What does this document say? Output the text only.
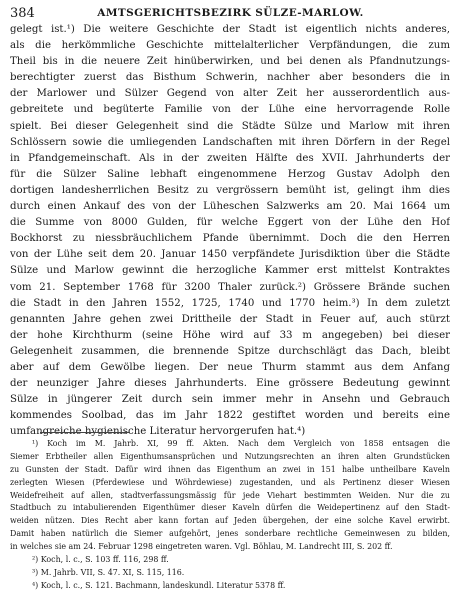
384	AMTSGERICHTSBEZIRK SÜLZE-MARLOW.
gelegt ist.¹) Die weitere Geschichte der Stadt ist eigentlich nichts anderes,
als die herkömmliche Geschichte mittelalterlicher Verpfändungen, die zum
Theil bis in die neuere Zeit hinüberwirken, und bei denen als Pfandnutzungs-
berechtigter zuerst das Bisthum Schwerin, nachher aber besonders die in
der Marlower und Sülzer Gegend von alter Zeit her ausserordentlich aus-
gebreitete und begüterte Familie von der Lühe eine hervorragende Rolle
spielt. Bei dieser Gelegenheit sind die Städte Sülze und Marlow mit ihren
Schlössern sowie die umliegenden Landschaften mit ihren Dörfern in der Regel
in Pfandgemeinschaft. Als in der zweiten Hälfte des XVII. Jahrhunderts der
für die Sülzer Saline lebhaft eingenommene Herzog Gustav Adolph den
dortigen landesherrlichen Besitz zu vergrössern bemüht ist, gelingt ihm dies
durch einen Ankauf des von der Lüheschen Salzwerks am 20. Mai 1664 um
die Summe von 8000 Gulden, für welche Eggert von der Lühe den Hof
Bockhorst zu niessbräuchlichem Pfande übernimmt. Doch die den Herren
von der Lühe seit dem 20. Januar 1450 verpfändete Jurisdiktion über die Städte
Sülze und Marlow gewinnt die herzogliche Kammer erst mittelst Kontraktes
vom 21. September 1768 für 3200 Thaler zurück.²) Grössere Brände suchen
die Stadt in den Jahren 1552, 1725, 1740 und 1770 heim.³) In dem zuletzt
genannten Jahre gehen zwei Drittheile der Stadt in Feuer auf, auch stürzt
der hohe Kirchthurm (seine Höhe wird auf 33 m angegeben) bei dieser
Gelegenheit zusammen, die brennende Spitze durchschlägt das Dach, bleibt
aber auf dem Gewölbe liegen. Der neue Thurm stammt aus dem Anfang
der neunziger Jahre dieses Jahrhunderts. Eine grössere Bedeutung gewinnt
Sülze in jüngerer Zeit durch sein immer mehr in Ansehn und Gebrauch
kommendes Soolbad, das im Jahr 1822 gestiftet worden und bereits eine
umfangreiche hygienische Literatur hervorgerufen hat.⁴)
¹) Koch im M. Jahrb. XI, 99 ff. Akten. Nach dem Vergleich von 1858 entsagen die
Siemer Erbtheiler allen Eigenthumsansprüchen und Nutzungsrechten an ihren alten Grundstücken
zu Gunsten der Stadt. Dafür wird ihnen das Eigenthum an zwei in 151 halbe untheilbare Kaveln
zerlegten Wiesen (Pferdewiese und Wöhrdewiese) zugestanden, und als Pertinenz dieser Wiesen
Weidefreiheit auf allen, stadtverfassungsmässig für jede Viehart bestimmten Weiden. Nur die zu
Stadtbuch zu intabulierenden Eigenthümer dieser Kaveln dürfen die Weidepertinenz auf den Stadt-
weiden nützen. Dies Recht aber kann fortan auf Jeden übergehen, der eine solche Kavel erwirbt.
Damit haben natürlich die Siemer aufgehört, jenes sonderbare rechtliche Gemeinwesen zu bilden,
in welches sie am 24. Februar 1298 eingetreten waren. Vgl. Böhlau, M. Landrecht III, S. 202 ff.
²) Koch, l. c., S. 103 ff. 116, 298 ff.
³) M. Jahrb. VII, S. 47. XI, S. 115, 116.
⁴) Koch, l. c., S. 121. Bachmann, landeskundl. Literatur 5378 ff.
